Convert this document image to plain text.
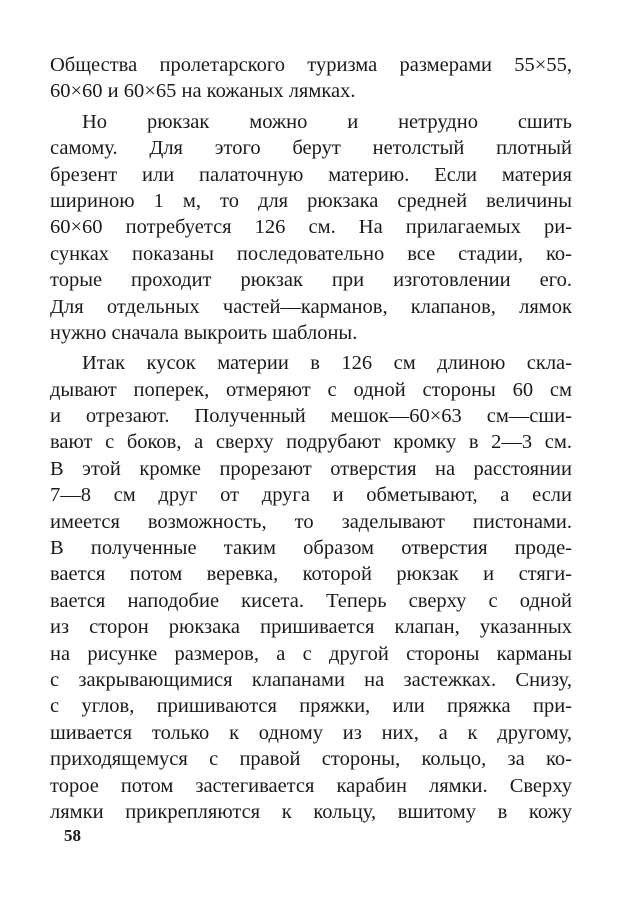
Общества пролетарского туризма размерами 55×55,
60×60 и 60×65 на кожаных лямках.
Но рюкзак можно и нетрудно сшить
самому. Для этого берут нетолстый плотный
брезент или палаточную материю. Если материя
шириною 1 м, то для рюкзака средней величины
60×60 потребуется 126 см. На прилагаемых ри-
сунках показаны последовательно все стадии, ко-
торые проходит рюкзак при изготовлении его.
Для отдельных частей—карманов, клапанов, лямок
нужно сначала выкроить шаблоны.
Итак кусок материи в 126 см длиною скла-
дывают поперек, отмеряют с одной стороны 60 см
и отрезают. Полученный мешок—60×63 см—сши-
вают с боков, а сверху подрубают кромку в 2—3 см.
В этой кромке прорезают отверстия на расстоянии
7—8 см друг от друга и обметывают, а если
имеется возможность, то заделывают пистонами.
В полученные таким образом отверстия проде-
вается потом веревка, которой рюкзак и стяги-
вается наподобие кисета. Теперь сверху с одной
из сторон рюкзака пришивается клапан, указанных
на рисунке размеров, а с другой стороны карманы
с закрывающимися клапанами на застежках. Снизу,
с углов, пришиваются пряжки, или пряжка при-
шивается только к одному из них, а к другому,
приходящемуся с правой стороны, кольцо, за ко-
торое потом застегивается карабин лямки. Сверху
лямки прикрепляются к кольцу, вшитому в кожу
58
